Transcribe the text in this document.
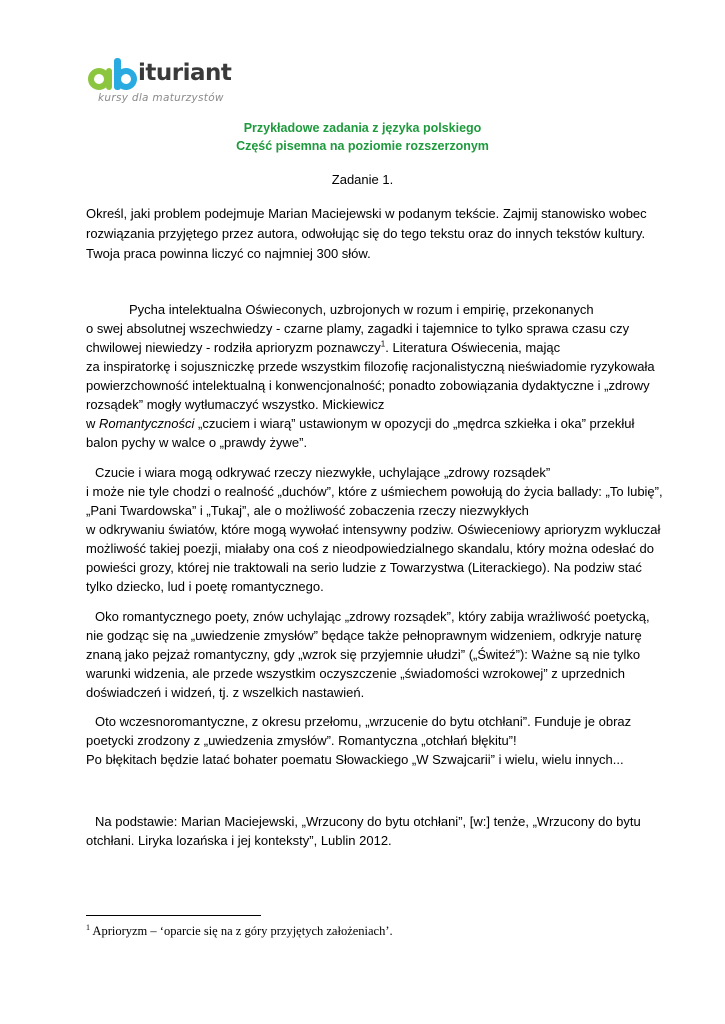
ituriant
kursy dla maturzystów
Przykładowe zadania z języka polskiego
Część pisemna na poziomie rozszerzonym
Zadanie 1.
Określ, jaki problem podejmuje Marian Maciejewski w podanym tekście. Zajmij stanowisko wobec
rozwiązania przyjętego przez autora, odwołując się do tego tekstu oraz do innych tekstów kultury.
Twoja praca powinna liczyć co najmniej 300 słów.
Pycha intelektualna Oświeconych, uzbrojonych w rozum i empirię, przekonanych
o swej absolutnej wszechwiedzy - czarne plamy, zagadki i tajemnice to tylko sprawa czasu czy
chwilowej niewiedzy - rodziła aprioryzm poznawczy$^1$. Literatura Oświecenia, mając
za inspiratorkę i sojuszniczkę przede wszystkim filozofię racjonalistyczną nieświadomie ryzykowała
powierzchowność intelektualną i konwencjonalność; ponadto zobowiązania dydaktyczne i „zdrowy
rozsądek” mogły wytłumaczyć wszystko. Mickiewicz
w Romantyczności „czuciem i wiarą” ustawionym w opozycji do „mędrca szkiełka i oka” przekłuł
balon pychy w walce o „prawdy żywe”.
Czucie i wiara mogą odkrywać rzeczy niezwykłe, uchylające „zdrowy rozsądek”
i może nie tyle chodzi o realność „duchów”, które z uśmiechem powołują do życia ballady: „To lubię”,
„Pani Twardowska” i „Tukaj”, ale o możliwość zobaczenia rzeczy niezwykłych
w odkrywaniu światów, które mogą wywołać intensywny podziw. Oświeceniowy aprioryzm wykluczał
możliwość takiej poezji, miałaby ona coś z nieodpowiedzialnego skandalu, który można odesłać do
powieści grozy, której nie traktowali na serio ludzie z Towarzystwa (Literackiego). Na podziw stać
tylko dziecko, lud i poetę romantycznego.
Oko romantycznego poety, znów uchylając „zdrowy rozsądek”, który zabija wrażliwość poetycką,
nie godząc się na „uwiedzenie zmysłów” będące także pełnoprawnym widzeniem, odkryje naturę
znaną jako pejzaż romantyczny, gdy „wzrok się przyjemnie ułudzi” („Świteź”): Ważne są nie tylko
warunki widzenia, ale przede wszystkim oczyszczenie „świadomości wzrokowej” z uprzednich
doświadczeń i widzeń, tj. z wszelkich nastawień.
Oto wczesnoromantyczne, z okresu przełomu, „wrzucenie do bytu otchłani”. Funduje je obraz
poetycki zrodzony z „uwiedzenia zmysłów”. Romantyczna „otchłań błękitu”!
Po błękitach będzie latać bohater poematu Słowackiego „W Szwajcarii” i wielu, wielu innych...
Na podstawie: Marian Maciejewski, „Wrzucony do bytu otchłani”, [w:] tenże, „Wrzucony do bytu
otchłani. Liryka lozańska i jej konteksty”, Lublin 2012.
$^1$ Aprioryzm – ‘oparcie się na z góry przyjętych założeniach’.
